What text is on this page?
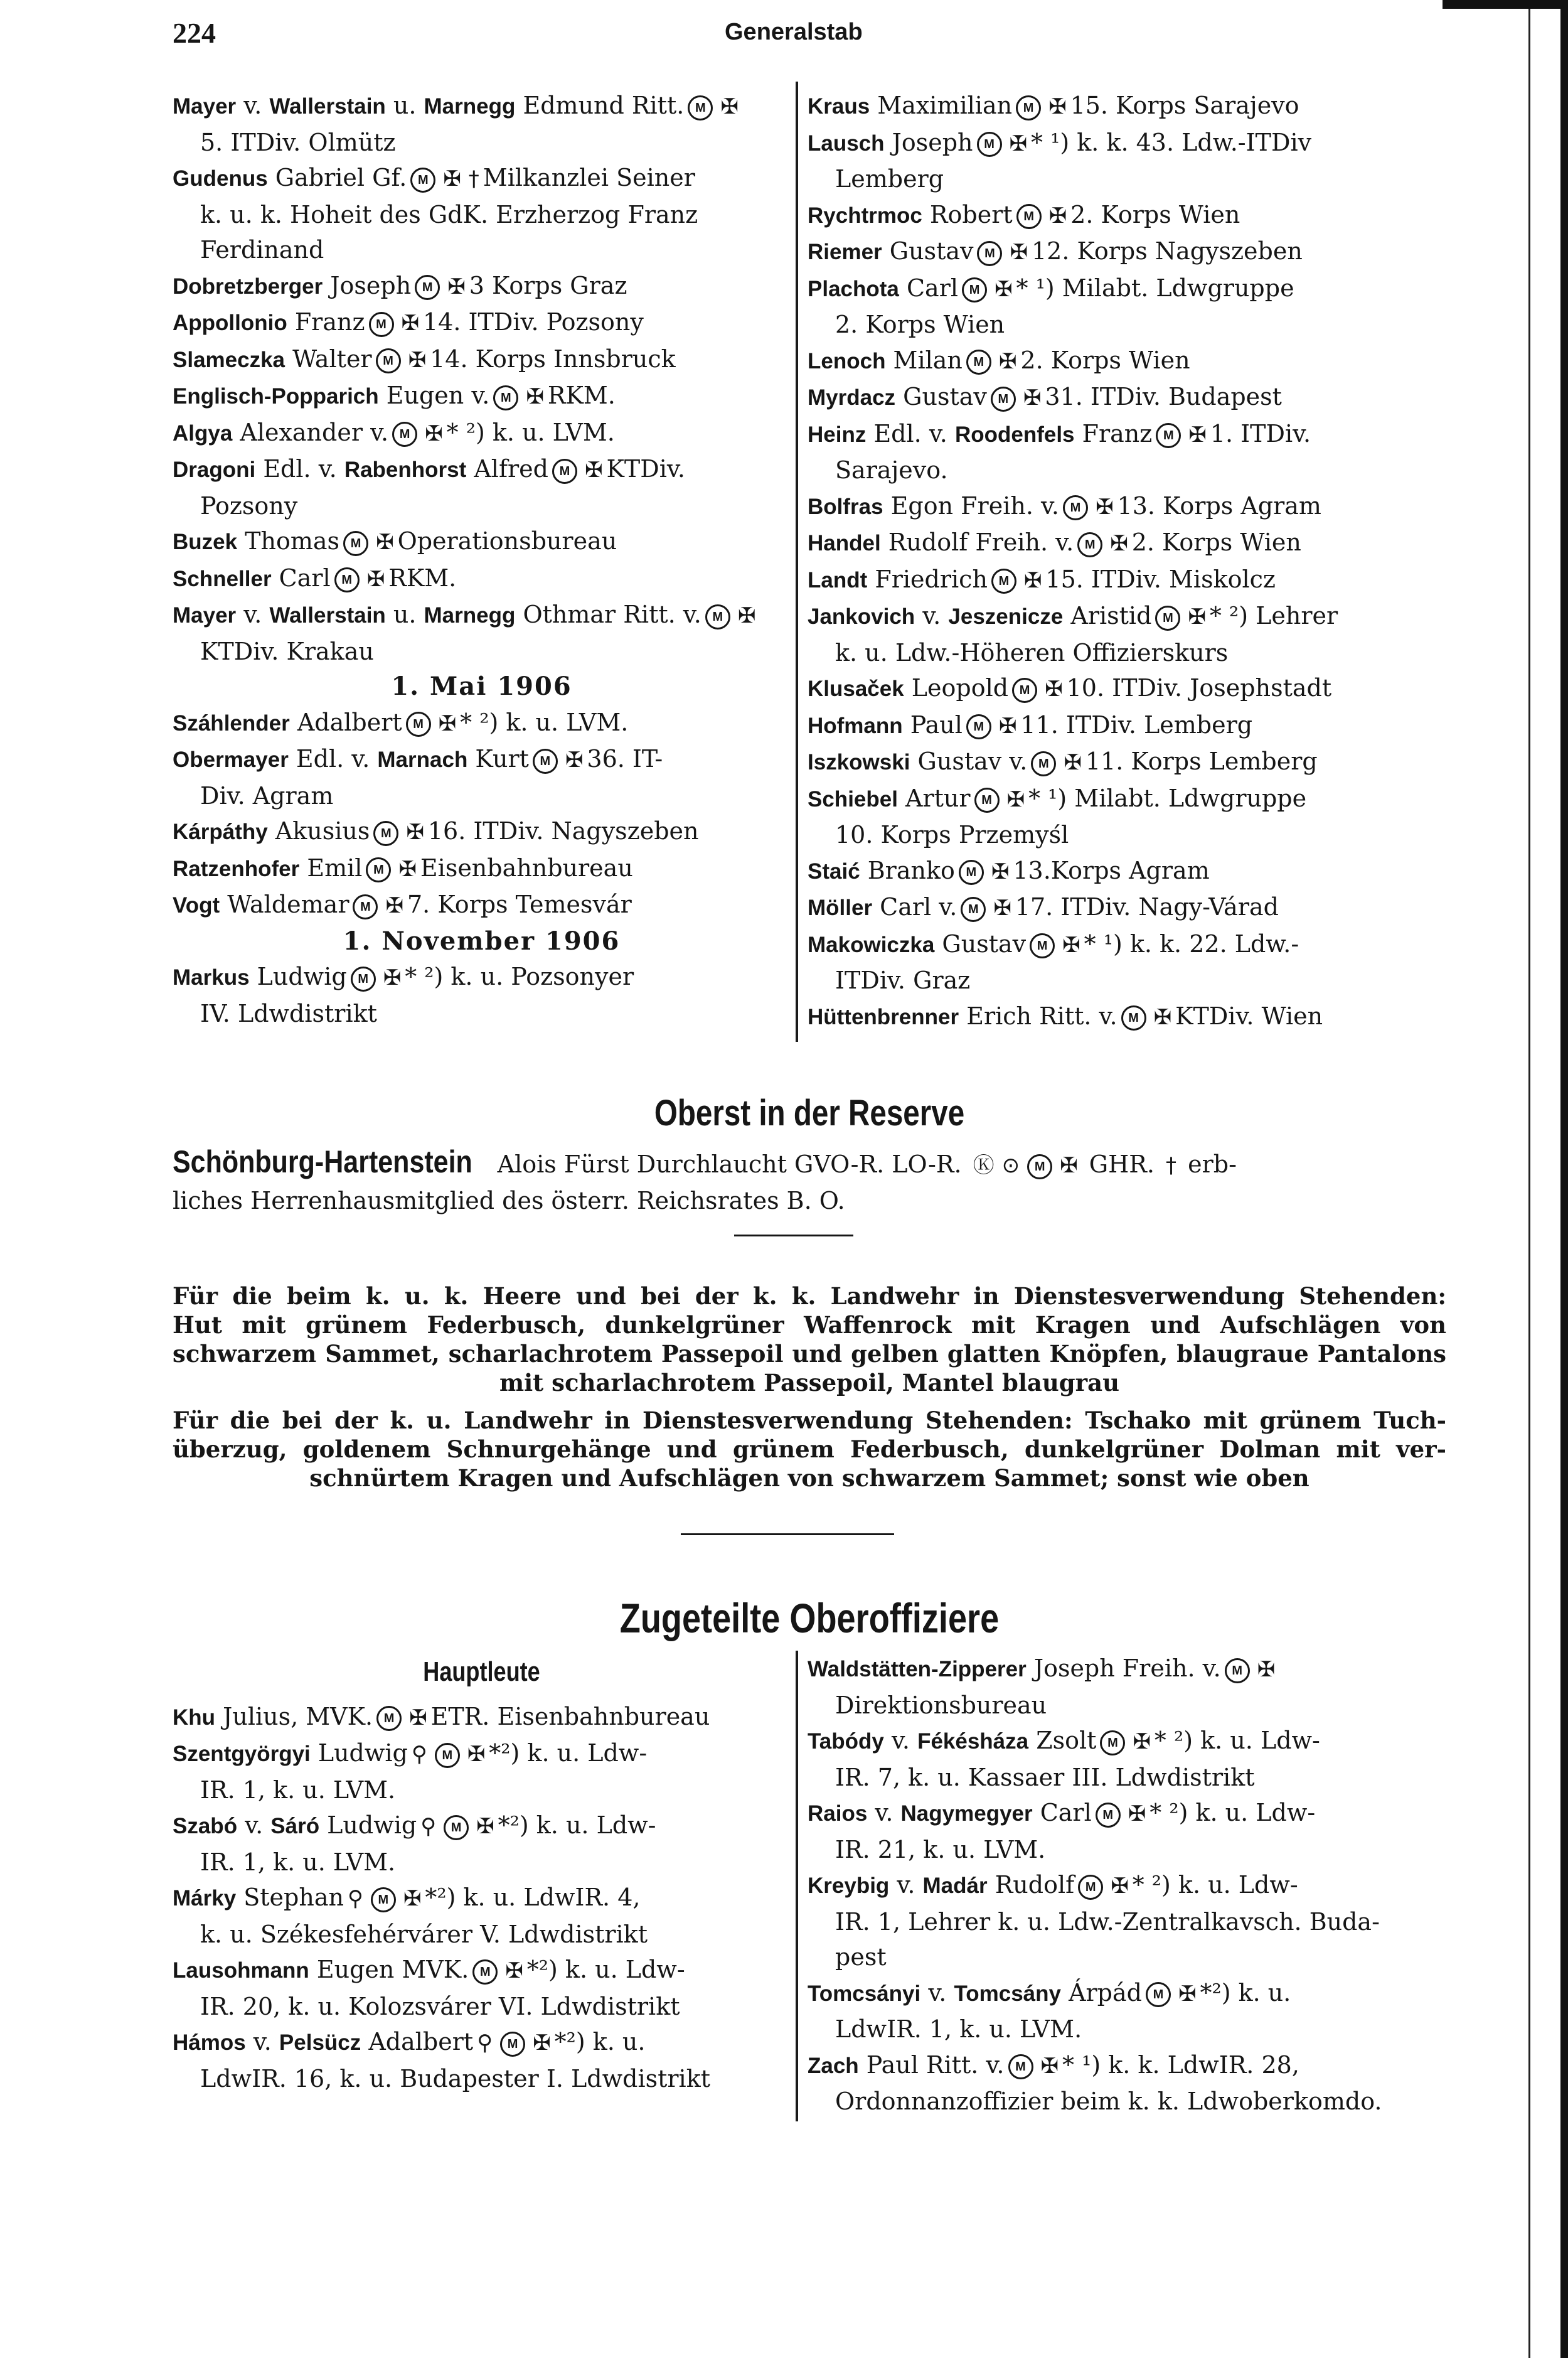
224	Generalstab
Mayer v. Wallerstain u. Marnegg Edmund Ritt. M ✠
5. ITDiv. Olmütz
Gudenus Gabriel Gf. M ✠ † Milkanzlei Seiner
k. u. k. Hoheit des GdK. Erzherzog Franz
Ferdinand
Dobretzberger Joseph M ✠ 3 Korps Graz
Appollonio Franz M ✠ 14. ITDiv. Pozsony
Slameczka Walter M ✠ 14. Korps Innsbruck
Englisch-Popparich Eugen v. M ✠ RKM.
Algya Alexander v. M ✠ * ²) k. u. LVM.
Dragoni Edl. v. Rabenhorst Alfred M ✠ KTDiv.
Pozsony
Buzek Thomas M ✠ Operationsbureau
Schneller Carl M ✠ RKM.
Mayer v. Wallerstain u. Marnegg Othmar Ritt. v. M ✠
KTDiv. Krakau
1. Mai 1906
Száhlender Adalbert M ✠ * ²) k. u. LVM.
Obermayer Edl. v. Marnach Kurt M ✠ 36. IT-
Div. Agram
Kárpáthy Akusius M ✠ 16. ITDiv. Nagyszeben
Ratzenhofer Emil M ✠ Eisenbahnbureau
Vogt Waldemar M ✠ 7. Korps Temesvár
1. November 1906
Markus Ludwig M ✠ * ²) k. u. Pozsonyer
IV. Ldwdistrikt
Kraus Maximilian M ✠ 15. Korps Sarajevo
Lausch Joseph M ✠ * ¹) k. k. 43. Ldw.-ITDiv
Lemberg
Rychtrmoc Robert M ✠ 2. Korps Wien
Riemer Gustav M ✠ 12. Korps Nagyszeben
Plachota Carl M ✠ * ¹) Milabt. Ldwgruppe
2. Korps Wien
Lenoch Milan M ✠ 2. Korps Wien
Myrdacz Gustav M ✠ 31. ITDiv. Budapest
Heinz Edl. v. Roodenfels Franz M ✠ 1. ITDiv.
Sarajevo.
Bolfras Egon Freih. v. M ✠ 13. Korps Agram
Handel Rudolf Freih. v. M ✠ 2. Korps Wien
Landt Friedrich M ✠ 15. ITDiv. Miskolcz
Jankovich v. Jeszenicze Aristid M ✠ * ²) Lehrer
k. u. Ldw.-Höheren Offizierskurs
Klusaček Leopold M ✠ 10. ITDiv. Josephstadt
Hofmann Paul M ✠ 11. ITDiv. Lemberg
Iszkowski Gustav v. M ✠ 11. Korps Lemberg
Schiebel Artur M ✠ * ¹) Milabt. Ldwgruppe
10. Korps Przemyśl
Staić Branko M ✠ 13.Korps Agram
Möller Carl v. M ✠ 17. ITDiv. Nagy-Várad
Makowiczka Gustav M ✠ * ¹) k. k. 22. Ldw.-
ITDiv. Graz
Hüttenbrenner Erich Ritt. v. M ✠ KTDiv. Wien
Oberst in der Reserve
Schönburg-Hartenstein Alois Fürst Durchlaucht GVO-R. LO-R. Ⓚ ⊙ M ✠ GHR. † erb-
liches Herrenhausmitglied des österr. Reichsrates B. O.
Für die beim k. u. k. Heere und bei der k. k. Landwehr in Dienstesverwendung Stehenden:
Hut mit grünem Federbusch, dunkelgrüner Waffenrock mit Kragen und Aufschlägen von
schwarzem Sammet, scharlachrotem Passepoil und gelben glatten Knöpfen, blaugraue Pantalons
mit scharlachrotem Passepoil, Mantel blaugrau
Für die bei der k. u. Landwehr in Dienstesverwendung Stehenden: Tschako mit grünem Tuch-
überzug, goldenem Schnurgehänge und grünem Federbusch, dunkelgrüner Dolman mit ver-
schnürtem Kragen und Aufschlägen von schwarzem Sammet; sonst wie oben
Zugeteilte Oberoffiziere
Hauptleute
Khu Julius, MVK. M ✠ ETR. Eisenbahnbureau
Szentgyörgyi Ludwig ⚲ M ✠ *²) k. u. Ldw-
IR. 1, k. u. LVM.
Szabó v. Sáró Ludwig ⚲ M ✠ *²) k. u. Ldw-
IR. 1, k. u. LVM.
Márky Stephan ⚲ M ✠ *²) k. u. LdwIR. 4,
k. u. Székesfehérvárer V. Ldwdistrikt
Lausohmann Eugen MVK. M ✠ *²) k. u. Ldw-
IR. 20, k. u. Kolozsvárer VI. Ldwdistrikt
Hámos v. Pelsücz Adalbert ⚲ M ✠ *²) k. u.
LdwIR. 16, k. u. Budapester I. Ldwdistrikt
Waldstätten-Zipperer Joseph Freih. v. M ✠
Direktionsbureau
Tabódy v. Fékésháza Zsolt M ✠ * ²) k. u. Ldw-
IR. 7, k. u. Kassaer III. Ldwdistrikt
Raios v. Nagymegyer Carl M ✠ * ²) k. u. Ldw-
IR. 21, k. u. LVM.
Kreybig v. Madár Rudolf M ✠ * ²) k. u. Ldw-
IR. 1, Lehrer k. u. Ldw.-Zentralkavsch. Buda-
pest
Tomcsányi v. Tomcsány Árpád M ✠ *²) k. u.
LdwIR. 1, k. u. LVM.
Zach Paul Ritt. v. M ✠ * ¹) k. k. LdwIR. 28,
Ordonnanzoffizier beim k. k. Ldwoberkomdo.
